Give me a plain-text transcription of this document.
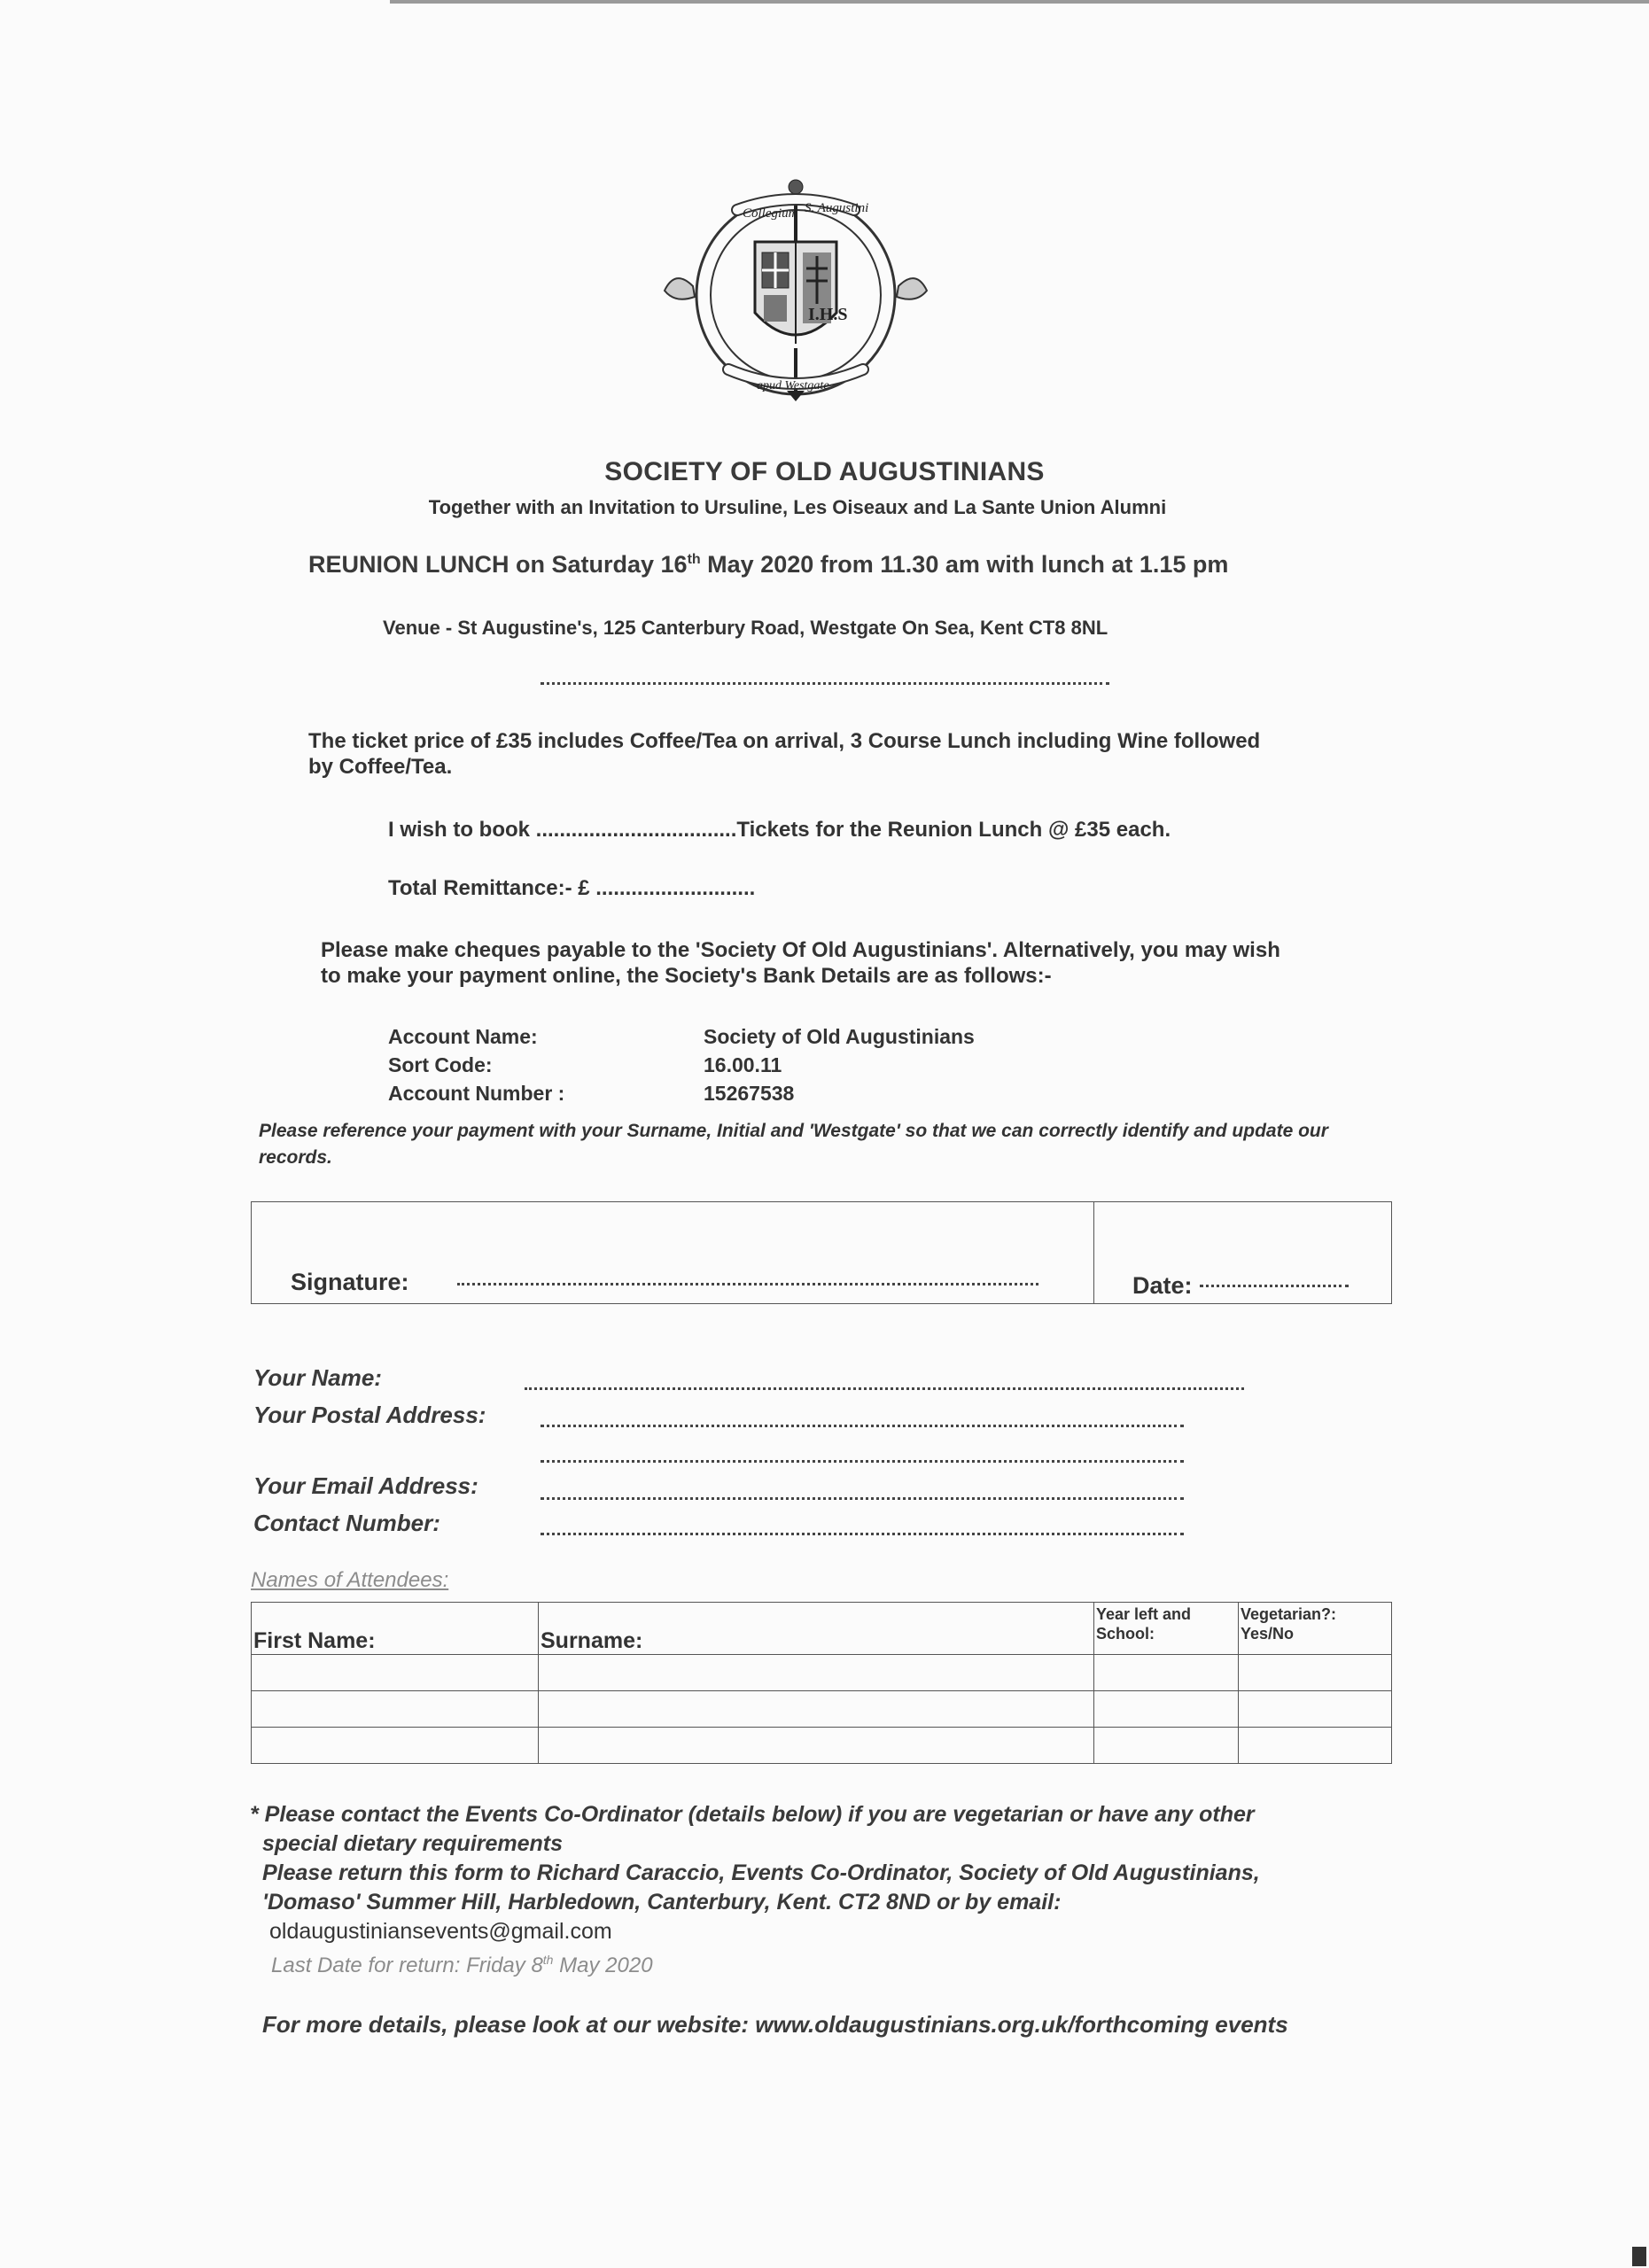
I.H.S
Collegium S. Augustini
apud Westgate
SOCIETY OF OLD AUGUSTINIANS
Together with an Invitation to Ursuline, Les Oiseaux and La Sante Union Alumni
REUNION LUNCH on Saturday 16th May 2020 from 11.30 am with lunch at 1.15 pm
Venue - St Augustine's, 125 Canterbury Road, Westgate On Sea, Kent CT8 8NL
The ticket price of £35 includes Coffee/Tea on arrival, 3 Course Lunch including Wine followed by Coffee/Tea.
I wish to book ..................................Tickets for the Reunion Lunch @ £35 each.
Total Remittance:- £ ...........................
Please make cheques payable to the 'Society Of Old Augustinians'. Alternatively, you may wish to make your payment online, the Society's Bank Details are as follows:-
Account Name:	Society of Old Augustinians
Sort Code:	16.00.11
Account Number :	15267538
Please reference your payment with your Surname, Initial and 'Westgate' so that we can correctly identify and update our records.
Signature:	Date:
Your Name:
Your Postal Address:
Your Email Address:
Contact Number:
Names of Attendees:
First Name:	Surname:	Year left and School:	Vegetarian?: Yes/No

* Please contact the Events Co-Ordinator (details below) if you are vegetarian or have any other
special dietary requirements
Please return this form to Richard Caraccio, Events Co-Ordinator, Society of Old Augustinians,
'Domaso' Summer Hill, Harbledown, Canterbury, Kent. CT2 8ND or by email:
oldaugustiniansevents@gmail.com
Last Date for return: Friday 8th May 2020
For more details, please look at our website: www.oldaugustinians.org.uk/forthcoming events
